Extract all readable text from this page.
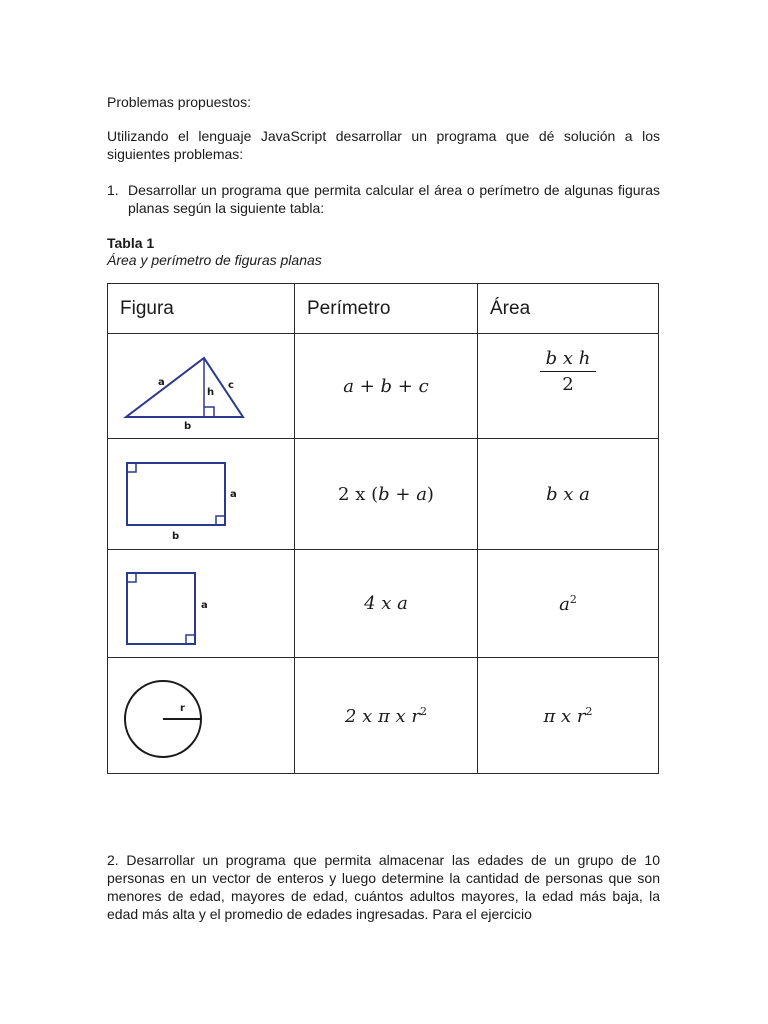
Problemas propuestos:

Utilizando el lenguaje JavaScript desarrollar un programa que dé solución a los siguientes problemas:

1. Desarrollar un programa que permita calcular el área o perímetro de algunas figuras planas según la siguiente tabla:

Tabla 1
Área y perímetro de figuras planas
Figura	Perímetro	Área

a
h
c
b	a + b + c	$\frac{\text{b x h}}{2}$

a
b	2 x (b + a)	b x a

a	4 x a	$a^2$

r	2 x π x $r^2$	π x $r^2$

2. Desarrollar un programa que permita almacenar las edades de un grupo de 10 personas en un vector de enteros y luego determine la cantidad de personas que son menores de edad, mayores de edad, cuántos adultos mayores, la edad más baja, la edad más alta y el promedio de edades ingresadas. Para el ejercicio
